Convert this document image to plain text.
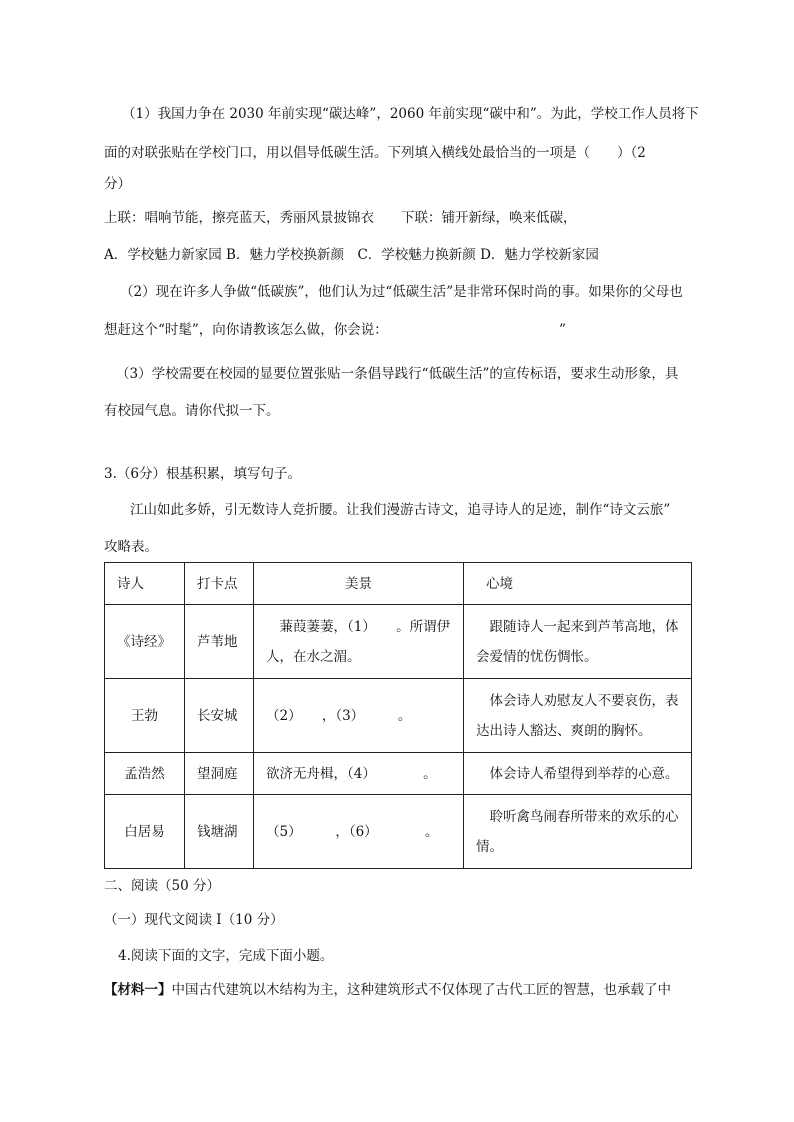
（1）我国力争在 2030 年前实现“碳达峰”，2060 年前实现“碳中和”。为此，学校工作人员将下
面的对联张贴在学校门口，用以倡导低碳生活。下列填入横线处最恰当的一项是（　　）（2
分）
上联：唱响节能，擦亮蓝天，秀丽风景披锦衣　　下联：铺开新绿，唤来低碳，
A．学校魅力新家园 B．魅力学校换新颜　C．学校魅力换新颜 D．魅力学校新家园
（2）现在许多人争做“低碳族”，他们认为过“低碳生活”是非常环保时尚的事。如果你的父母也
想赶这个“时髦”，向你请教该怎么做，你会说：	”
（3）学校需要在校园的显要位置张贴一条倡导践行“低碳生活”的宣传标语，要求生动形象，具
有校园气息。请你代拟一下。
3.（6分）根基积累，填写句子。
江山如此多娇，引无数诗人竞折腰。让我们漫游古诗文，追寻诗人的足迹，制作“诗文云旅”
攻略表。
诗人	打卡点	美景	心境
《诗经》	芦苇地	　蒹葭萋萋，（1）　　。所谓伊人，在水之湄。	　跟随诗人一起来到芦苇高地，体会爱情的忧伤惆怅。
王勃	长安城	（2）　　，（3）　　　。	　体会诗人劝慰友人不要哀伤，表达出诗人豁达、爽朗的胸怀。
孟浩然	望洞庭	欲济无舟楫，（4）　　　　。	　体会诗人希望得到举荐的心意。
白居易	钱塘湖	（5）　　　，（6）　　　　。	　聆听禽鸟闹春所带来的欢乐的心情。
二、阅读（50 分）
（一）现代文阅读 I（10 分）
4.阅读下面的文字，完成下面小题。
【材料一】中国古代建筑以木结构为主，这种建筑形式不仅体现了古代工匠的智慧，也承载了中
